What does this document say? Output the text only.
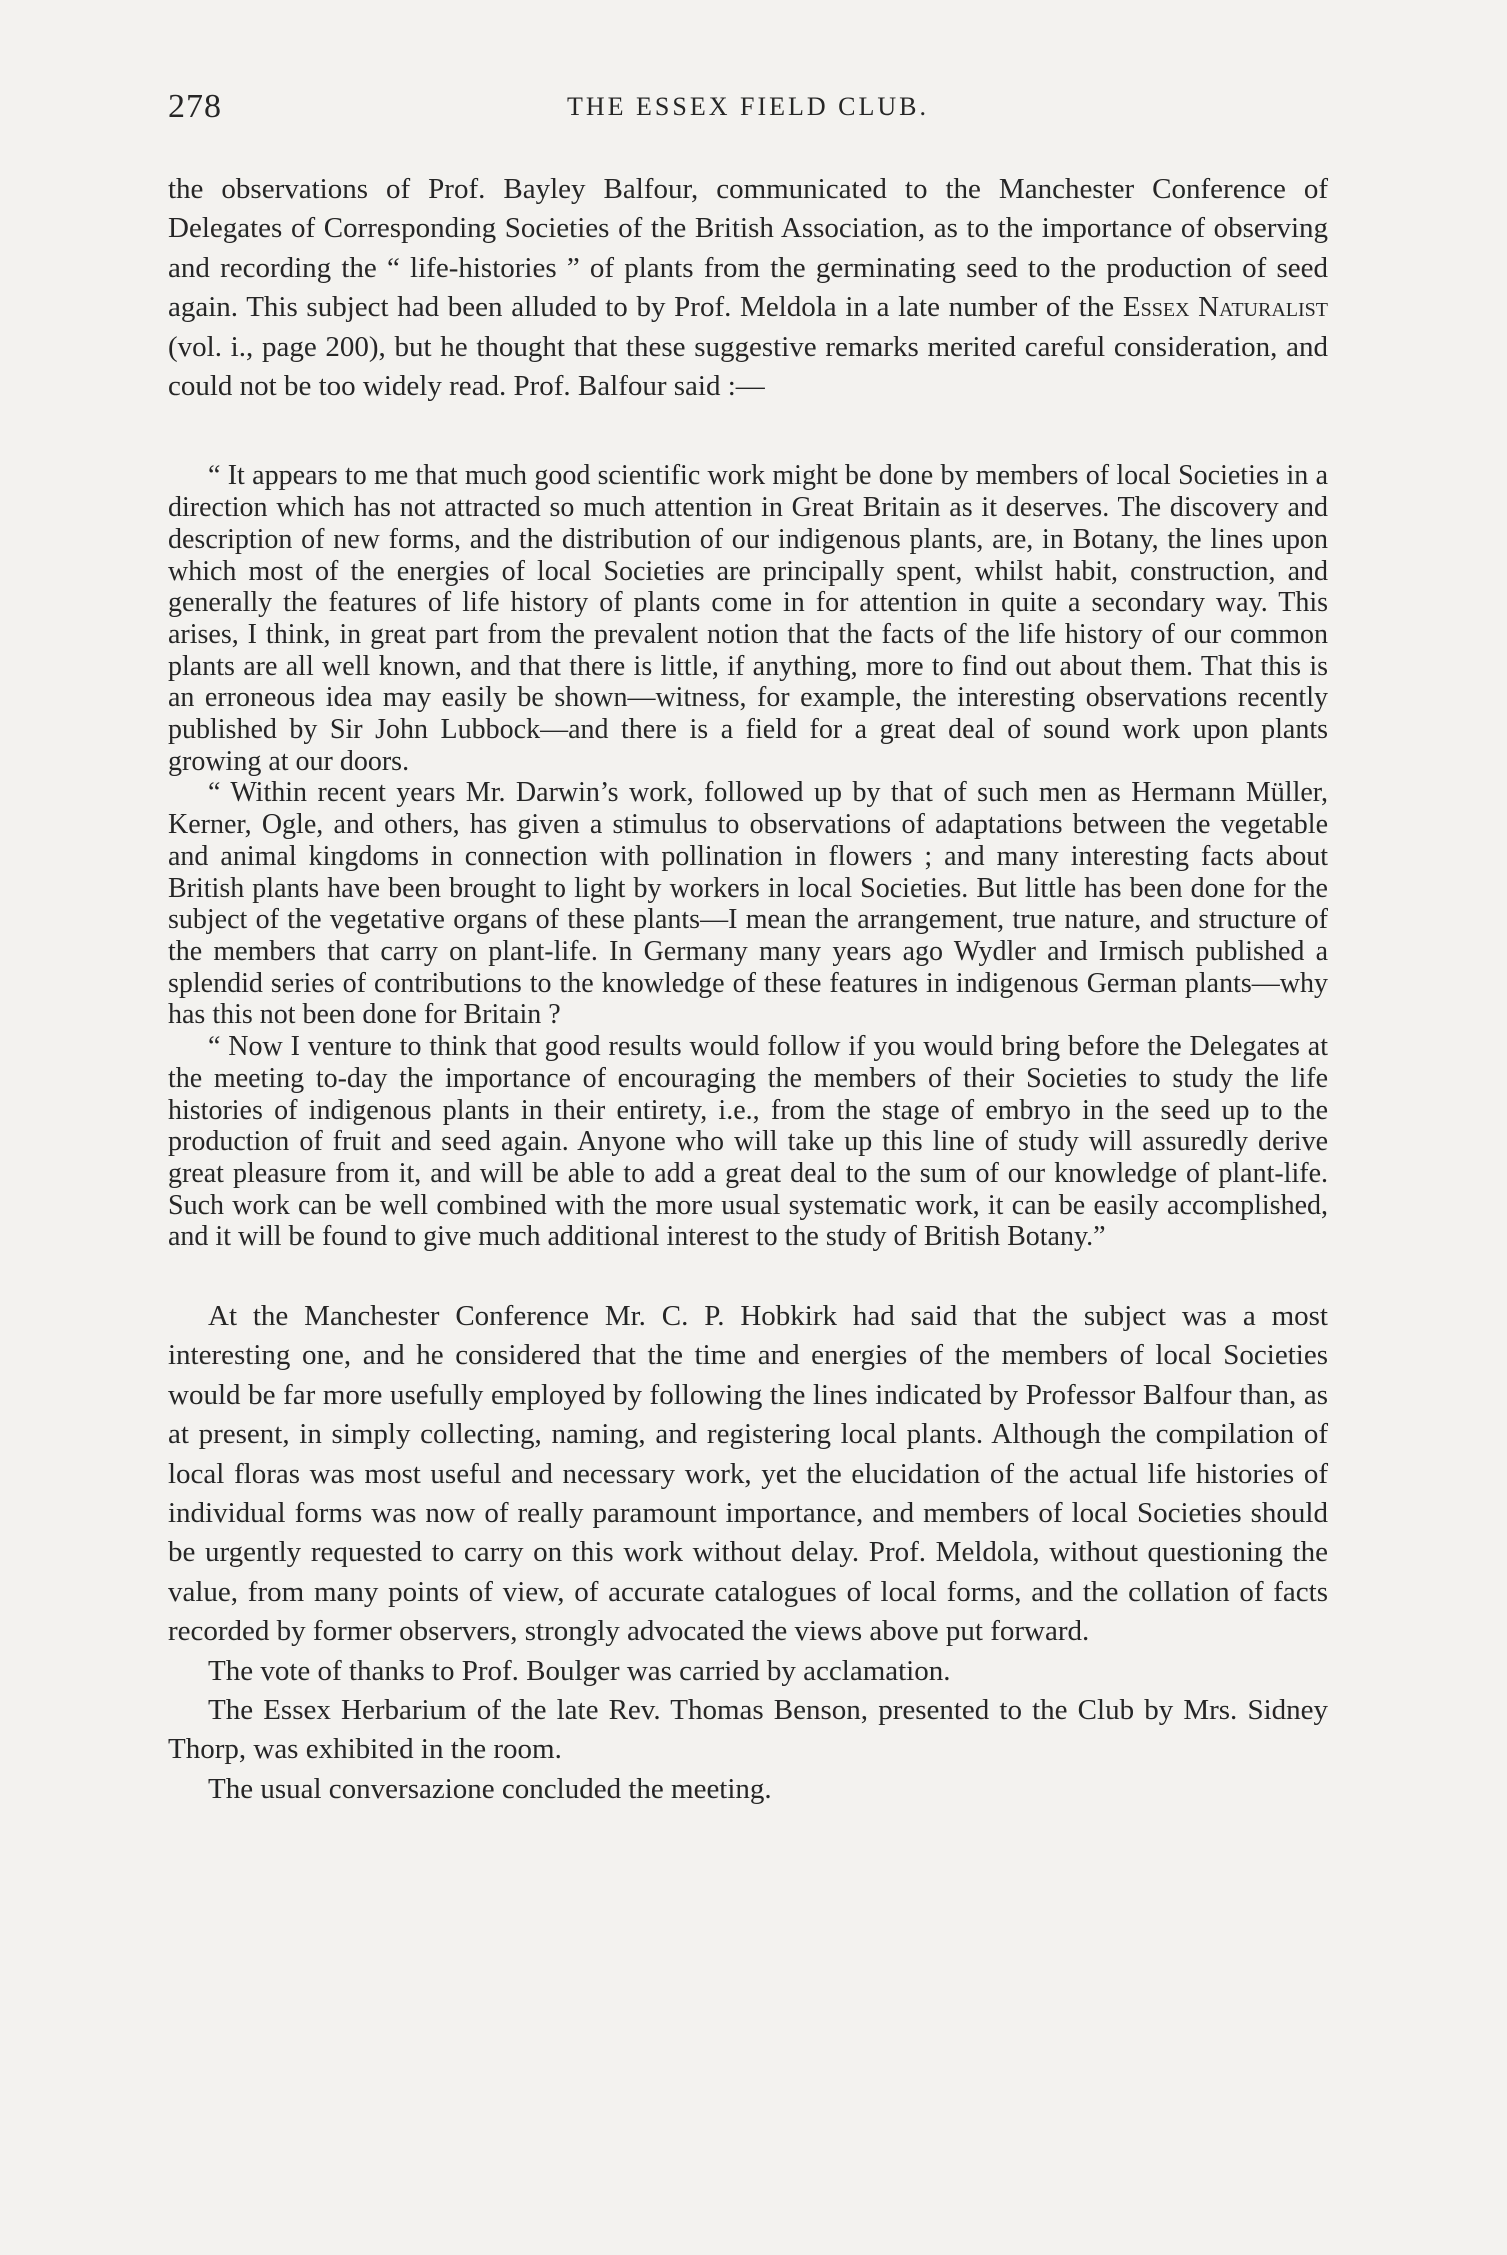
278	THE ESSEX FIELD CLUB.

the observations of Prof. Bayley Balfour, communicated to the Manchester Conference of Delegates of Corresponding Societies of the British Association, as to the importance of observing and recording the “ life-histories ” of plants from the germinating seed to the production of seed again. This subject had been alluded to by Prof. Meldola in a late number of the Essex Naturalist (vol. i., page 200), but he thought that these suggestive remarks merited careful consideration, and could not be too widely read. Prof. Balfour said :—

“ It appears to me that much good scientific work might be done by members of local Societies in a direction which has not attracted so much attention in Great Britain as it deserves. The discovery and description of new forms, and the distribution of our indigenous plants, are, in Botany, the lines upon which most of the energies of local Societies are principally spent, whilst habit, construction, and generally the features of life history of plants come in for attention in quite a secondary way. This arises, I think, in great part from the prevalent notion that the facts of the life history of our common plants are all well known, and that there is little, if anything, more to find out about them. That this is an erroneous idea may easily be shown—witness, for example, the interesting observations recently published by Sir John Lubbock—and there is a field for a great deal of sound work upon plants growing at our doors.

“ Within recent years Mr. Darwin’s work, followed up by that of such men as Hermann Müller, Kerner, Ogle, and others, has given a stimulus to observations of adaptations between the vegetable and animal kingdoms in connection with pollination in flowers ; and many interesting facts about British plants have been brought to light by workers in local Societies. But little has been done for the subject of the vegetative organs of these plants—I mean the arrangement, true nature, and structure of the members that carry on plant-life. In Germany many years ago Wydler and Irmisch published a splendid series of contributions to the knowledge of these features in indigenous German plants—why has this not been done for Britain ?

“ Now I venture to think that good results would follow if you would bring before the Delegates at the meeting to-day the importance of encouraging the members of their Societies to study the life histories of indigenous plants in their entirety, i.e., from the stage of embryo in the seed up to the production of fruit and seed again. Anyone who will take up this line of study will assuredly derive great pleasure from it, and will be able to add a great deal to the sum of our knowledge of plant-life. Such work can be well combined with the more usual systematic work, it can be easily accomplished, and it will be found to give much additional interest to the study of British Botany.”

At the Manchester Conference Mr. C. P. Hobkirk had said that the subject was a most interesting one, and he considered that the time and energies of the members of local Societies would be far more usefully employed by following the lines indicated by Professor Balfour than, as at present, in simply collecting, naming, and registering local plants. Although the compilation of local floras was most useful and necessary work, yet the elucidation of the actual life histories of individual forms was now of really paramount importance, and members of local Societies should be urgently requested to carry on this work without delay. Prof. Meldola, without questioning the value, from many points of view, of accurate catalogues of local forms, and the collation of facts recorded by former observers, strongly advocated the views above put forward.

The vote of thanks to Prof. Boulger was carried by acclamation.

The Essex Herbarium of the late Rev. Thomas Benson, presented to the Club by Mrs. Sidney Thorp, was exhibited in the room.

The usual conversazione concluded the meeting.
